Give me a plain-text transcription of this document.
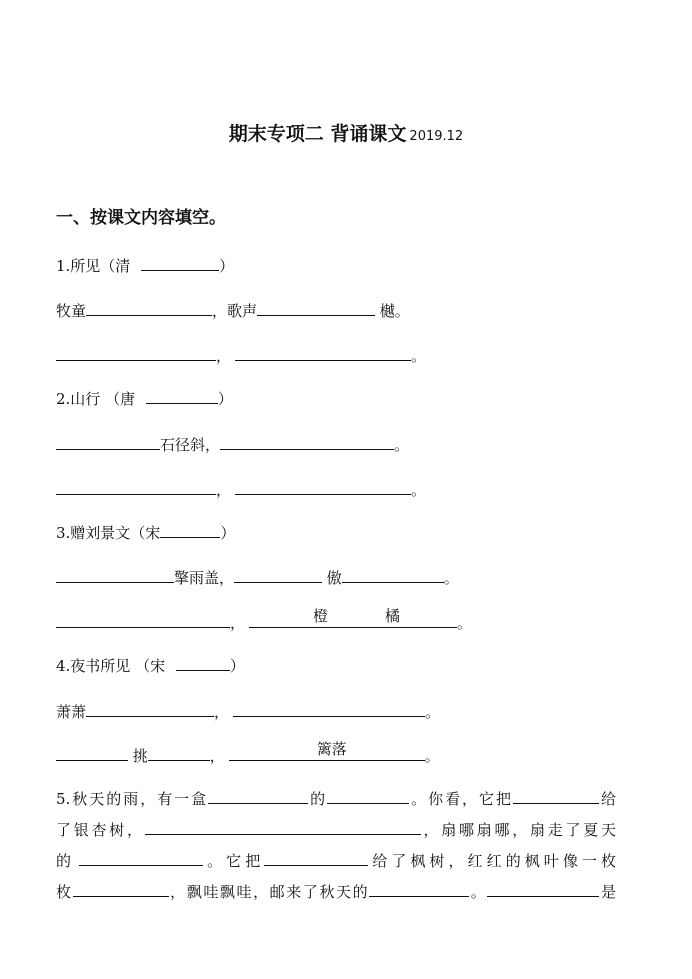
期末专项二 背诵课文 2019.12
一、按课文内容填空。
1.所见（清	）
牧童	，歌声	樾。
，	。
2.山行 （唐	）
石径斜，	。
，	。
3.赠刘景文（宋	）
擎雨盖，	傲	。
，	橙	橘	。
4.夜书所见 （宋	）
萧萧	，	。
挑	，	篱落	。
5.秋天的雨，有一盒	的	。你看，它把	给
了银杏树，	，扇哪扇哪，扇走了夏天
的	。它把	给了枫树，红红的枫叶像一枚
枚	，飘哇飘哇，邮来了秋天的	。	是
